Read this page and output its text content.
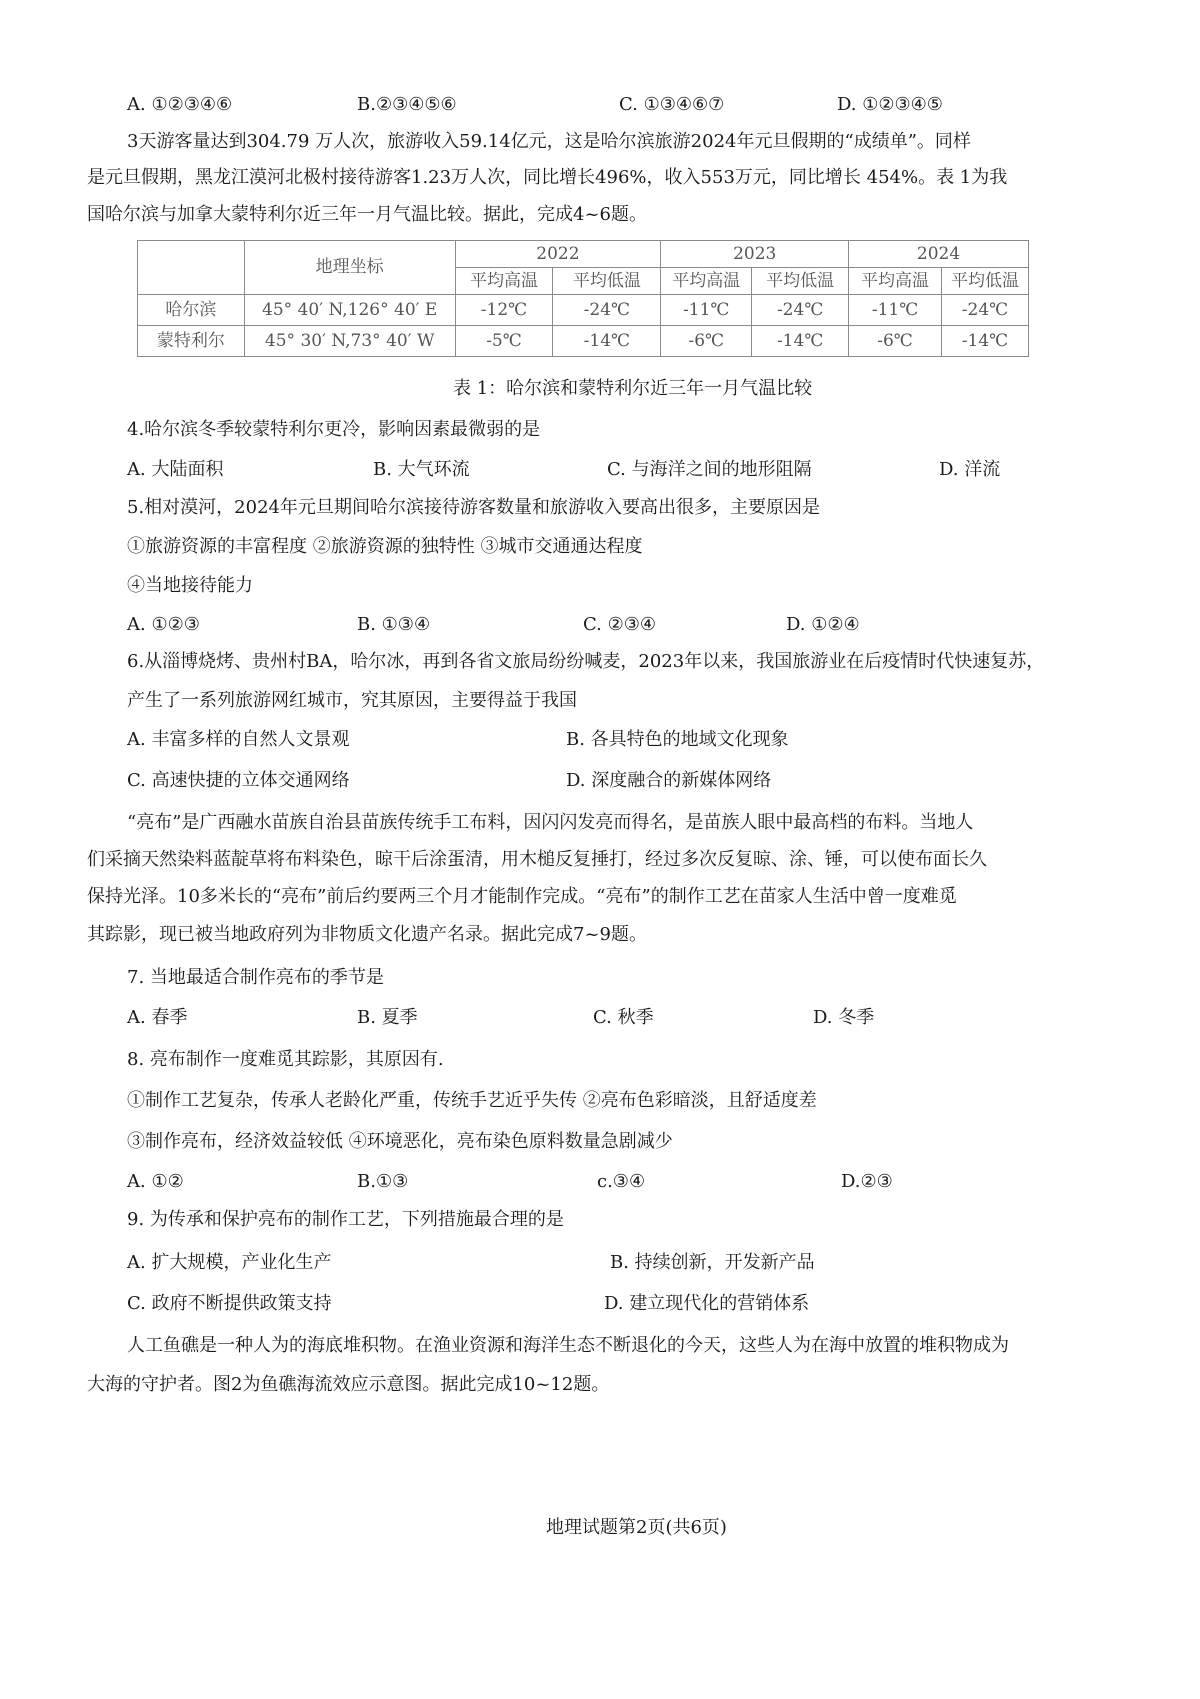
A. ①②③④⑥	B.②③④⑤⑥	C. ①③④⑥⑦	D. ①②③④⑤
3天游客量达到304.79 万人次，旅游收入59.14亿元，这是哈尔滨旅游2024年元旦假期的“成绩单”。同样
是元旦假期，黑龙江漠河北极村接待游客1.23万人次，同比增长496%，收入553万元，同比增长 454%。表 1为我
国哈尔滨与加拿大蒙特利尔近三年一月气温比较。据此，完成4~6题。
	地理坐标	2022		2023		2024	
		平均高温	平均低温	平均高温	平均低温	平均高温	平均低温
哈尔滨	45° 40′ N,126° 40′ E	-12℃	-24℃	-11℃	-24℃	-11℃	-24℃
蒙特利尔	45° 30′ N,73° 40′ W	-5℃	-14℃	-6℃	-14℃	-6℃	-14℃
表 1：哈尔滨和蒙特利尔近三年一月气温比较
4.哈尔滨冬季较蒙特利尔更冷，影响因素最微弱的是
A. 大陆面积	B. 大气环流	C. 与海洋之间的地形阻隔	D. 洋流
5.相对漠河，2024年元旦期间哈尔滨接待游客数量和旅游收入要高出很多，主要原因是
①旅游资源的丰富程度 ②旅游资源的独特性 ③城市交通通达程度
④当地接待能力
A. ①②③	B. ①③④	C. ②③④	D. ①②④
6.从淄博烧烤、贵州村BA，哈尔冰，再到各省文旅局纷纷喊麦，2023年以来，我国旅游业在后疫情时代快速复苏，
产生了一系列旅游网红城市，究其原因，主要得益于我国
A. 丰富多样的自然人文景观	B. 各具特色的地域文化现象
C. 高速快捷的立体交通网络	D. 深度融合的新媒体网络
“亮布”是广西融水苗族自治县苗族传统手工布料，因闪闪发亮而得名，是苗族人眼中最高档的布料。当地人
们采摘天然染料蓝靛草将布料染色，晾干后涂蛋清，用木槌反复捶打，经过多次反复晾、涂、锤，可以使布面长久
保持光泽。10多米长的“亮布”前后约要两三个月才能制作完成。“亮布”的制作工艺在苗家人生活中曾一度难觅
其踪影，现已被当地政府列为非物质文化遗产名录。据此完成7~9题。
7. 当地最适合制作亮布的季节是
A. 春季	B. 夏季	C. 秋季	D. 冬季
8. 亮布制作一度难觅其踪影，其原因有.
①制作工艺复杂，传承人老龄化严重，传统手艺近乎失传 ②亮布色彩暗淡，且舒适度差
③制作亮布，经济效益较低 ④环境恶化，亮布染色原料数量急剧减少
A. ①②	B.①③	c.③④	D.②③
9. 为传承和保护亮布的制作工艺，下列措施最合理的是
A. 扩大规模，产业化生产	B. 持续创新，开发新产品
C. 政府不断提供政策支持	D. 建立现代化的营销体系
人工鱼礁是一种人为的海底堆积物。在渔业资源和海洋生态不断退化的今天，这些人为在海中放置的堆积物成为
大海的守护者。图2为鱼礁海流效应示意图。据此完成10~12题。
地理试题第2页(共6页)
